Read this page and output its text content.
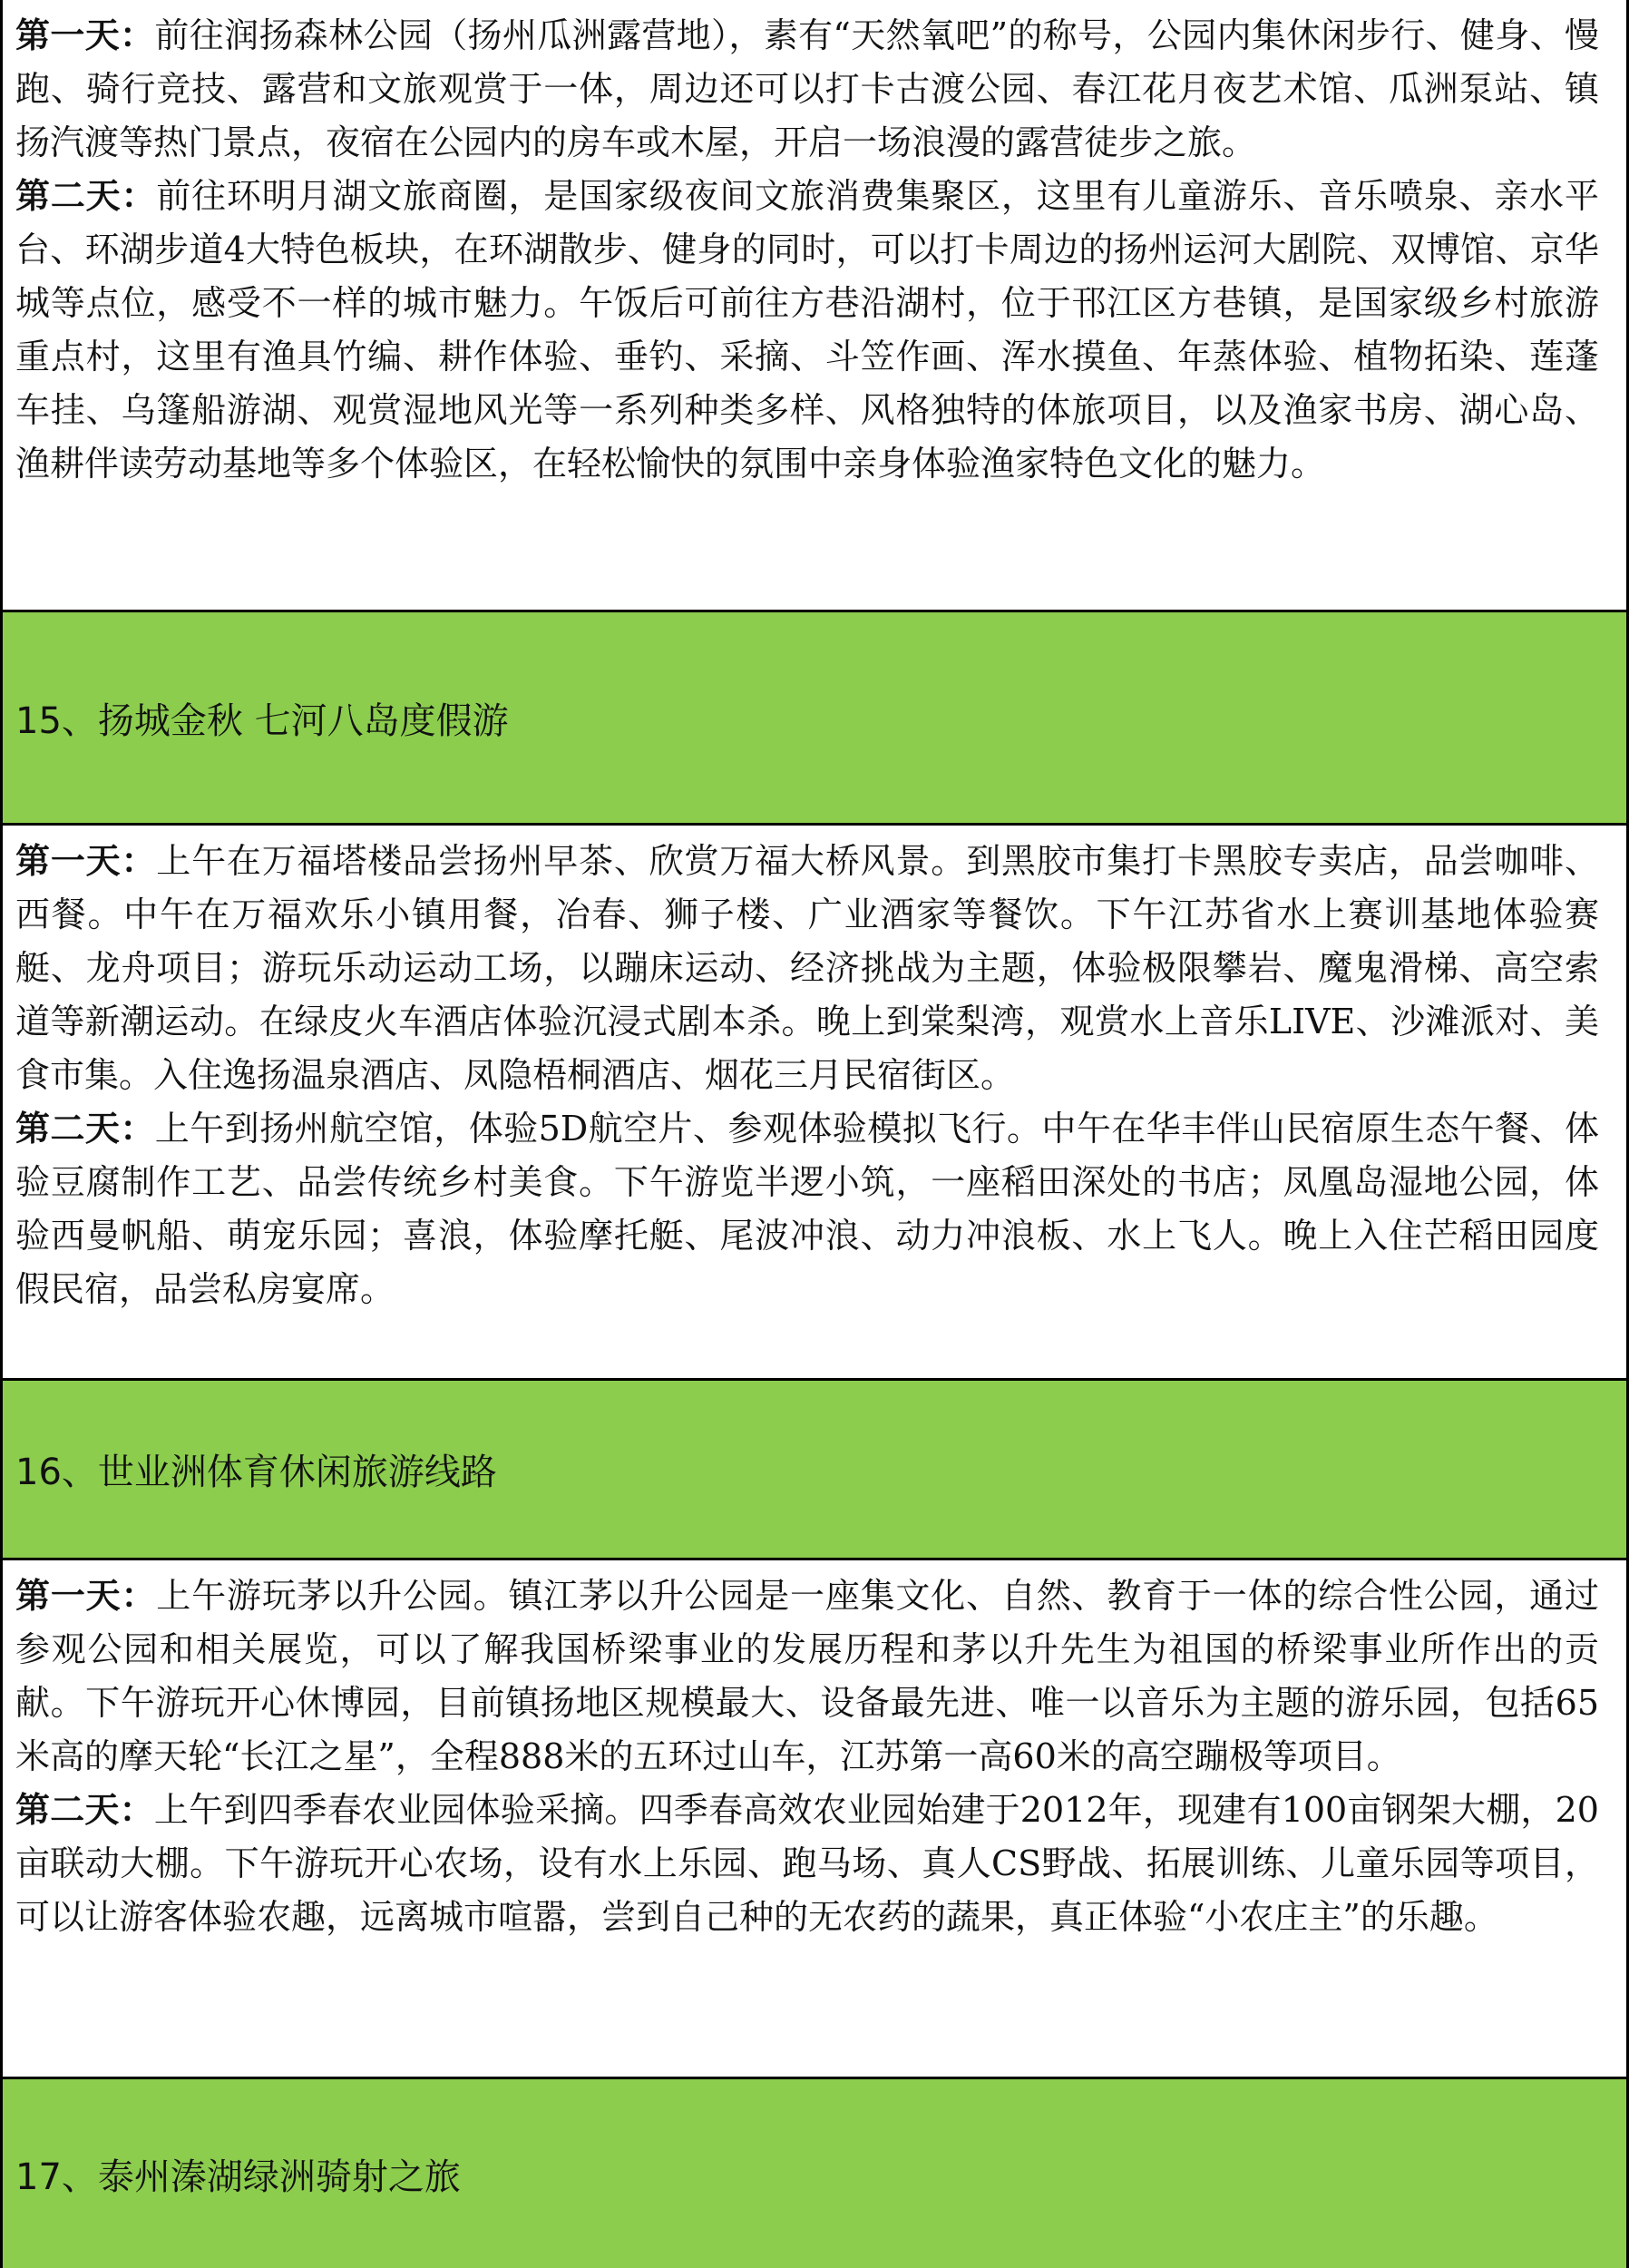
第一天：前往润扬森林公园（扬州瓜洲露营地），素有“天然氧吧”的称号，公园内集休闲步行、健身、慢跑、骑行竞技、露营和文旅观赏于一体，周边还可以打卡古渡公园、春江花月夜艺术馆、瓜洲泵站、镇扬汽渡等热门景点，夜宿在公园内的房车或木屋，开启一场浪漫的露营徒步之旅。

第二天：前往环明月湖文旅商圈，是国家级夜间文旅消费集聚区，这里有儿童游乐、音乐喷泉、亲水平台、环湖步道4大特色板块，在环湖散步、健身的同时，可以打卡周边的扬州运河大剧院、双博馆、京华城等点位，感受不一样的城市魅力。午饭后可前往方巷沿湖村，位于邗江区方巷镇，是国家级乡村旅游重点村，这里有渔具竹编、耕作体验、垂钓、采摘、斗笠作画、浑水摸鱼、年蒸体验、植物拓染、莲蓬车挂、乌篷船游湖、观赏湿地风光等一系列种类多样、风格独特的体旅项目，以及渔家书房、湖心岛、渔耕伴读劳动基地等多个体验区，在轻松愉快的氛围中亲身体验渔家特色文化的魅力。

15、扬城金秋 七河八岛度假游

第一天：上午在万福塔楼品尝扬州早茶、欣赏万福大桥风景。到黑胶市集打卡黑胶专卖店，品尝咖啡、西餐。中午在万福欢乐小镇用餐，冶春、狮子楼、广业酒家等餐饮。下午江苏省水上赛训基地体验赛艇、龙舟项目；游玩乐动运动工场，以蹦床运动、经济挑战为主题，体验极限攀岩、魔鬼滑梯、高空索道等新潮运动。在绿皮火车酒店体验沉浸式剧本杀。晚上到棠梨湾，观赏水上音乐LIVE、沙滩派对、美食市集。入住逸扬温泉酒店、凤隐梧桐酒店、烟花三月民宿街区。

第二天：上午到扬州航空馆，体验5D航空片、参观体验模拟飞行。中午在华丰伴山民宿原生态午餐、体验豆腐制作工艺、品尝传统乡村美食。下午游览半逻小筑，一座稻田深处的书店；凤凰岛湿地公园，体验西曼帆船、萌宠乐园；喜浪，体验摩托艇、尾波冲浪、动力冲浪板、水上飞人。晚上入住芒稻田园度假民宿，品尝私房宴席。

16、世业洲体育休闲旅游线路

第一天：上午游玩茅以升公园。镇江茅以升公园是一座集文化、自然、教育于一体的综合性公园，通过参观公园和相关展览，可以了解我国桥梁事业的发展历程和茅以升先生为祖国的桥梁事业所作出的贡献。下午游玩开心休博园，目前镇扬地区规模最大、设备最先进、唯一以音乐为主题的游乐园，包括65米高的摩天轮“长江之星”，全程888米的五环过山车，江苏第一高60米的高空蹦极等项目。

第二天：上午到四季春农业园体验采摘。四季春高效农业园始建于2012年，现建有100亩钢架大棚，20亩联动大棚。下午游玩开心农场，设有水上乐园、跑马场、真人CS野战、拓展训练、儿童乐园等项目，可以让游客体验农趣，远离城市喧嚣，尝到自己种的无农药的蔬果，真正体验“小农庄主”的乐趣。

17、泰州溱湖绿洲骑射之旅
